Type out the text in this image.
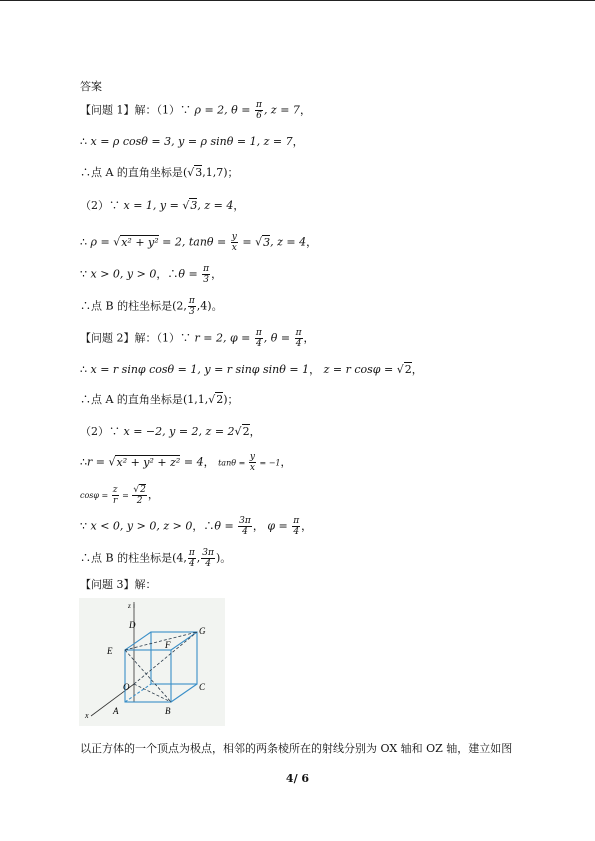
答案
【问题 1】解：（1）∵ ρ = 2, $\theta = \frac{\pi}{6}$ , z = 7，
∴ x = ρ cosθ = 3, y = ρ sinθ = 1, z = 7，
∴点 A 的直角坐标是(√3,1,7)；
（2）∵ x = 1, y = √3, z = 4，
∴ ρ = √x² + y² = 2, $\tan\theta = \frac{y}{x} = √3$, z = 4，
∵ x > 0, y > 0，∴θ = $\frac{\pi}{3}$ ，
∴点 B 的柱坐标是(2, $\frac{\pi}{3} ,4$)。
【问题 2】解：（1）∵ r = 2, $\varphi = \frac{\pi}{4}$ , $\theta = \frac{\pi}{4}$ ，
∴ x = r sinφ cosθ = 1, y = r sinφ sinθ = 1， z = r cosφ = √2，
∴点 A 的直角坐标是(1,1,√2)；
（2）∵ x = −2, y = 2, z = 2√2，
∴r = √x² + y² + z² = 4， $\tan\theta = \frac{y}{x} = -1$，
$\cos\varphi = \frac{z}{r} = \frac{√2}{2}$ ，
∵ x < 0, y > 0, z > 0，∴θ = $\frac{3\pi}{4}$ ， $\varphi = \frac{\pi}{4}$ ，
∴点 B 的柱坐标是(4, $\frac{\pi}{4}$ , $\frac{3\pi}{4}$ )。
【问题 3】解：
z
x	A	B
C
D
E
F
G
O
以正方体的一个顶点为极点，相邻的两条棱所在的射线分别为 OX 轴和 OZ 轴，建立如图
4/ 6
